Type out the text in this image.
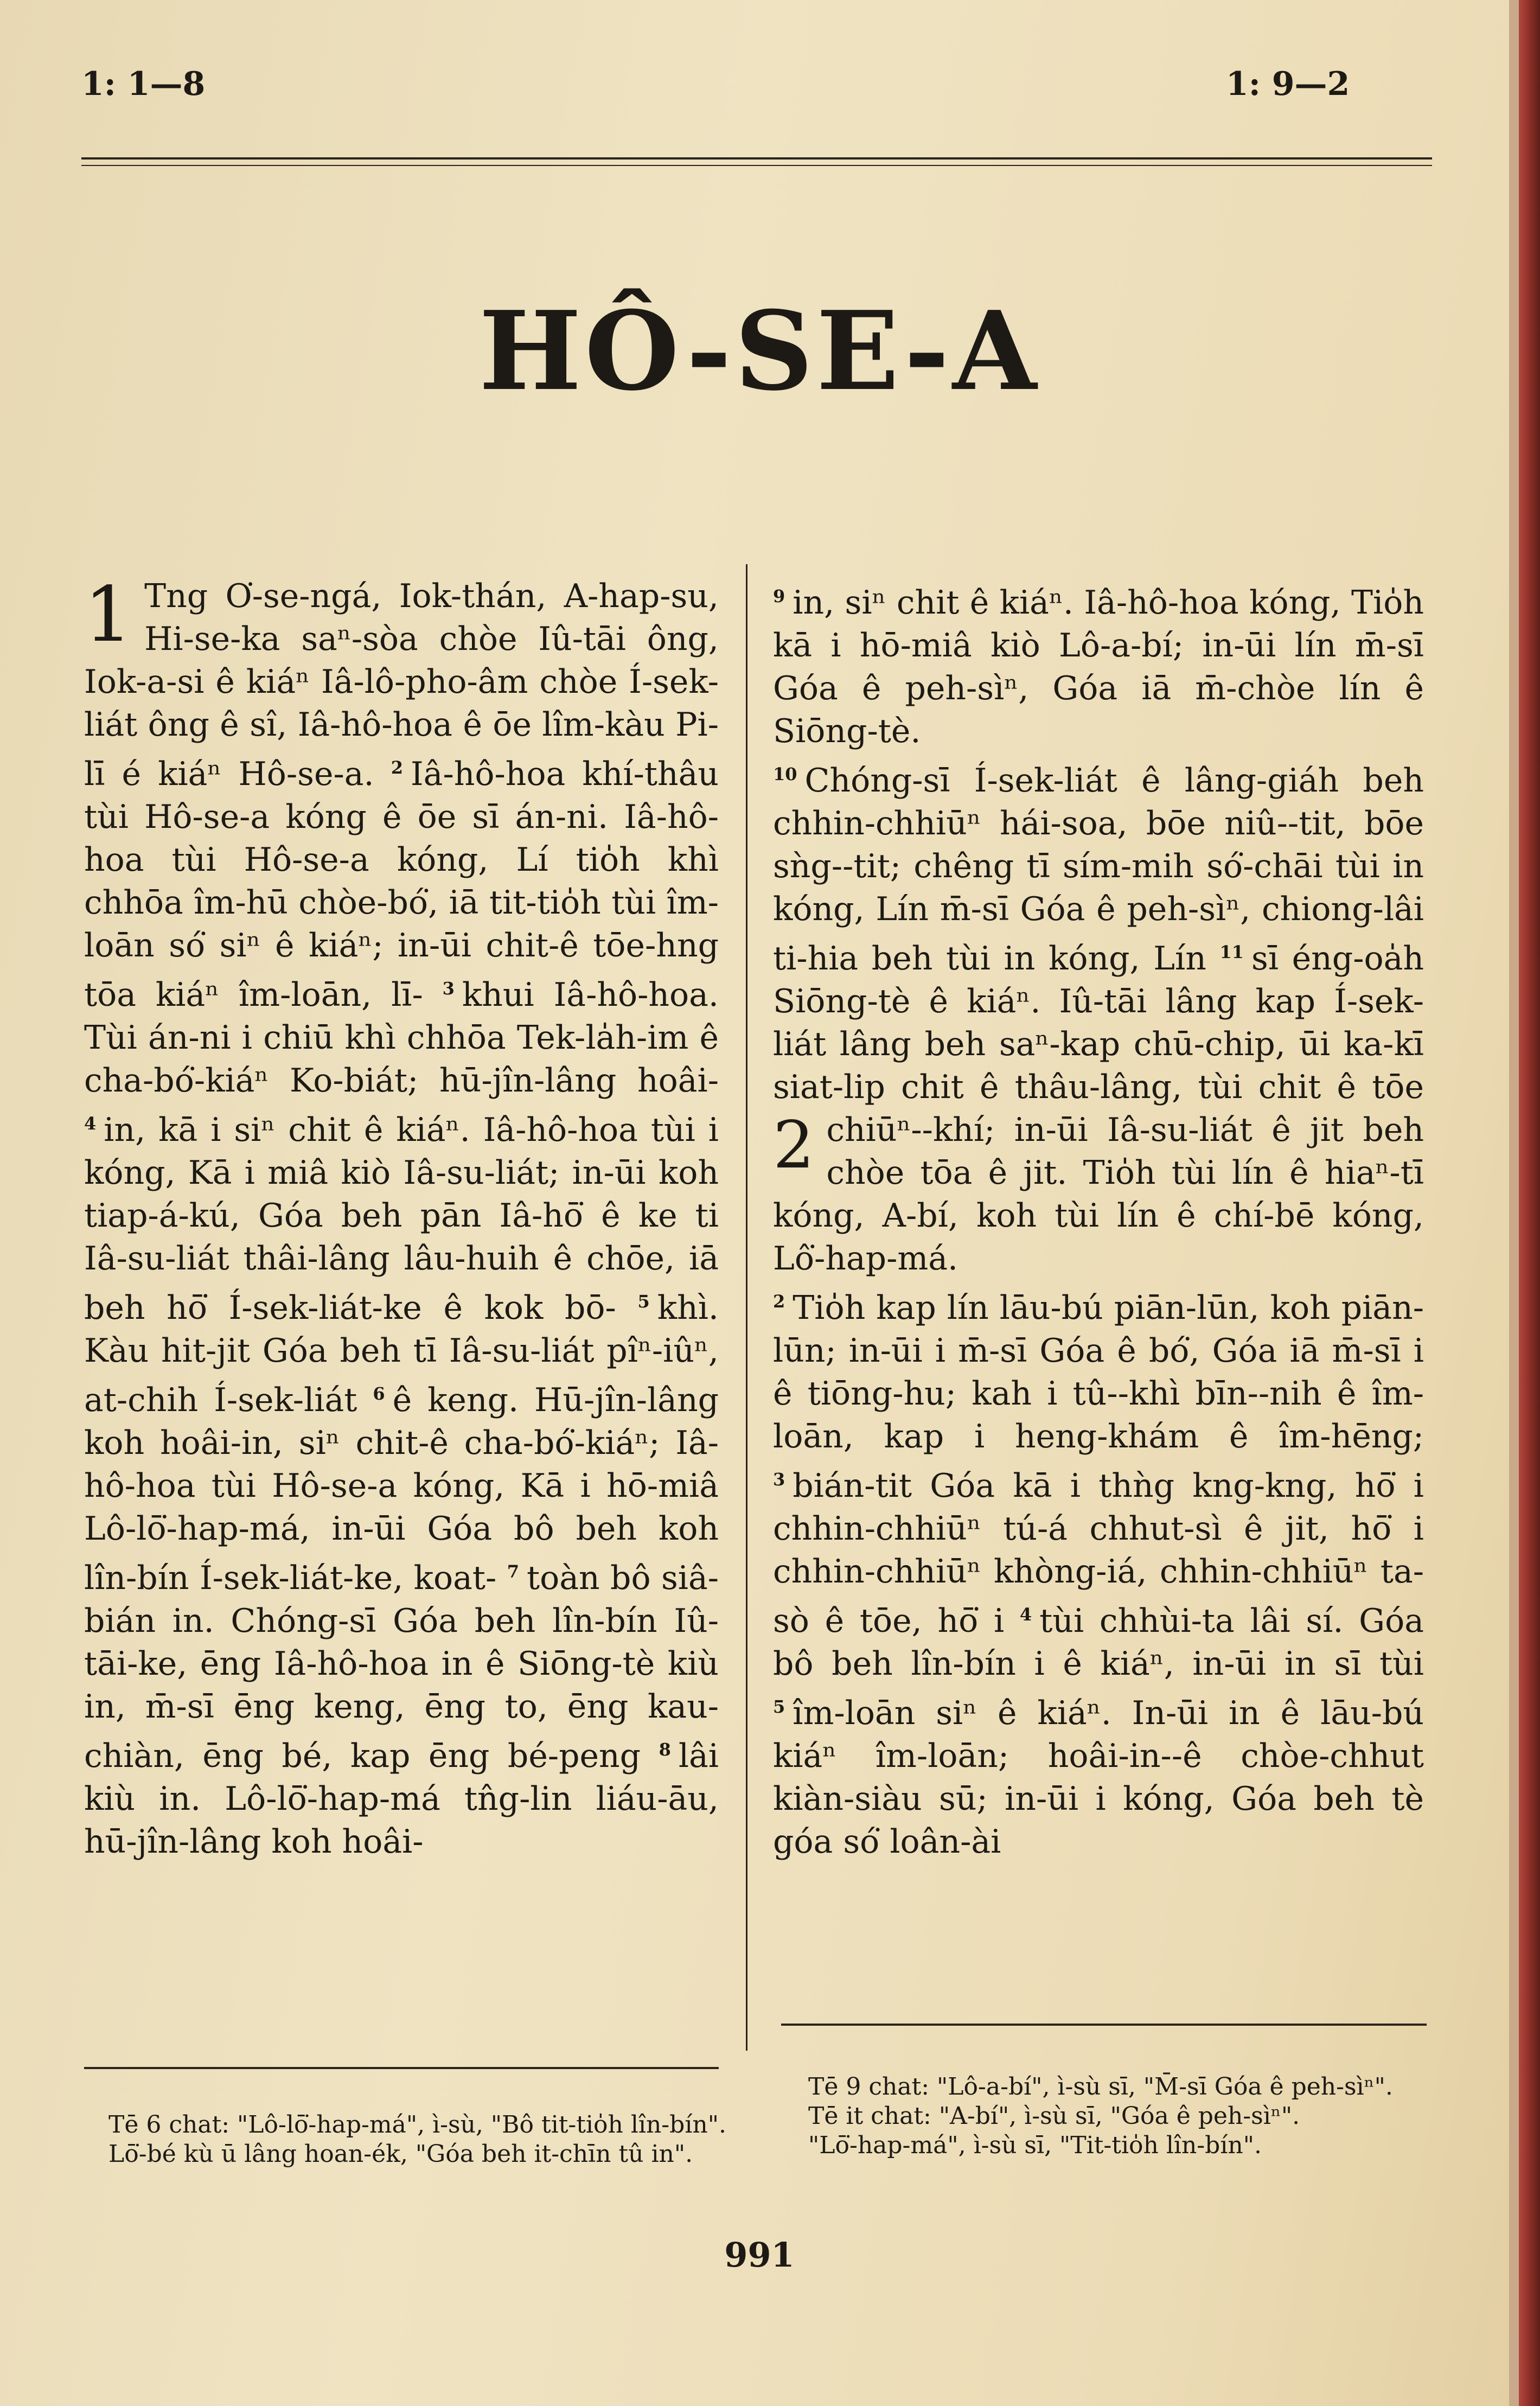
1: 1—8	1: 9—2
HÔ-SE-A
1 Tng O͘-se-ngá, Iok-thán, A-hap-su, Hi-se-ka saⁿ-sòa chòe Iû-tāi ông, Iok-a-si ê kiáⁿ Iâ-lô-pho-âm chòe Í-sek-liát ông ê sî, Iâ-hô-hoa ê ōe lîm-kàu Pi-lī é kiáⁿ Hô-se-a. $^2$ Iâ-hô-hoa khí-thâu tùi Hô-se-a kóng ê ōe sī án-ni. Iâ-hô-hoa tùi Hô-se-a kóng, Lí tio̍h khì chhōa îm-hū chòe-bó͘, iā tit-tio̍h tùi îm-loān só͘ siⁿ ê kiáⁿ; in-ūi chit-ê tōe-hng tōa kiáⁿ îm-loān, lī- $^3$ khui Iâ-hô-hoa. Tùi án-ni i chiū khì chhōa Tek-la̍h-im ê cha-bó͘-kiáⁿ Ko-biát; hū-jîn-lâng hoâi- $^4$ in, kā i siⁿ chit ê kiáⁿ. Iâ-hô-hoa tùi i kóng, Kā i miâ kiò Iâ-su-liát; in-ūi koh tiap-á-kú, Góa beh pān Iâ-hō͘ ê ke ti Iâ-su-liát thâi-lâng lâu-huih ê chōe, iā beh hō͘ Í-sek-liát-ke ê kok bō- $^5$ khì. Kàu hit-jit Góa beh tī Iâ-su-liát pîⁿ-iûⁿ, at-chih Í-sek-liát $^6$ ê keng. Hū-jîn-lâng koh hoâi-in, siⁿ chit-ê cha-bó͘-kiáⁿ; Iâ-hô-hoa tùi Hô-se-a kóng, Kā i hō-miâ Lô-lō͘-hap-má, in-ūi Góa bô beh koh lîn-bín Í-sek-liát-ke, koat- $^7$ toàn bô siâ-bián in. Chóng-sī Góa beh lîn-bín Iû-tāi-ke, ēng Iâ-hô-hoa in ê Siōng-tè kiù in, m̄-sī ēng keng, ēng to, ēng kau-chiàn, ēng bé, kap ēng bé-peng $^8$ lâi kiù in. Lô-lō͘-hap-má tn̂g-lin liáu-āu, hū-jîn-lâng koh hoâi-
$^9$ in, siⁿ chit ê kiáⁿ. Iâ-hô-hoa kóng, Tio̍h kā i hō-miâ kiò Lô-a-bí; in-ūi lín m̄-sī Góa ê peh-sìⁿ, Góa iā m̄-chòe lín ê Siōng-tè.
$^{10}$ Chóng-sī Í-sek-liát ê lâng-giáh beh chhin-chhiūⁿ hái-soa, bōe niû--tit, bōe sǹg--tit; chêng tī sím-mih só͘-chāi tùi in kóng, Lín m̄-sī Góa ê peh-sìⁿ, chiong-lâi ti-hia beh tùi in kóng, Lín $^{11}$ sī éng-oa̍h Siōng-tè ê kiáⁿ. Iû-tāi lâng kap Í-sek-liát lâng beh saⁿ-kap chū-chip, ūi ka-kī siat-lip chit ê thâu-lâng, tùi chit ê tōe chiūⁿ--khí; in-ūi Iâ-su-liát ê jit
2	beh chòe tōa ê jit. Tio̍h tùi lín ê hiaⁿ-tī kóng, A-bí, koh tùi lín ê chí-bē kóng, Lô͘-hap-má.
$^2$ Tio̍h kap lín lāu-bú piān-lūn, koh piān-lūn; in-ūi i m̄-sī Góa ê bó͘, Góa iā m̄-sī i ê tiōng-hu; kah i tû--khì bīn--nih ê îm-loān, kap i heng-khám ê îm-hēng; $^3$ bián-tit Góa kā i thǹg kng-kng, hō͘ i chhin-chhiūⁿ tú-á chhut-sì ê jit, hō͘ i chhin-chhiūⁿ khòng-iá, chhin-chhiūⁿ ta-sò ê tōe, hō͘ i $^4$ tùi chhùi-ta lâi sí. Góa bô beh lîn-bín i ê kiáⁿ, in-ūi in sī tùi $^5$ îm-loān siⁿ ê kiáⁿ. In-ūi in ê lāu-bú kiáⁿ îm-loān; hoâi-in--ê chòe-chhut kiàn-siàu sū; in-ūi i kóng, Góa beh tè góa só͘ loân-ài

Tē 6 chat: "Lô-lō͘-hap-má", ì-sù, "Bô tit-tio̍h lîn-bín". Lō͘-bé kù ū lâng hoan-ék, "Góa beh it-chīn tû in".

Tē 9 chat: "Lô-a-bí", ì-sù sī, "M̄-sī Góa ê peh-sìⁿ".

Tē it chat: "A-bí", ì-sù sī, "Góa ê peh-sìⁿ".

"Lō͘-hap-má", ì-sù sī, "Tit-tio̍h lîn-bín".

991
